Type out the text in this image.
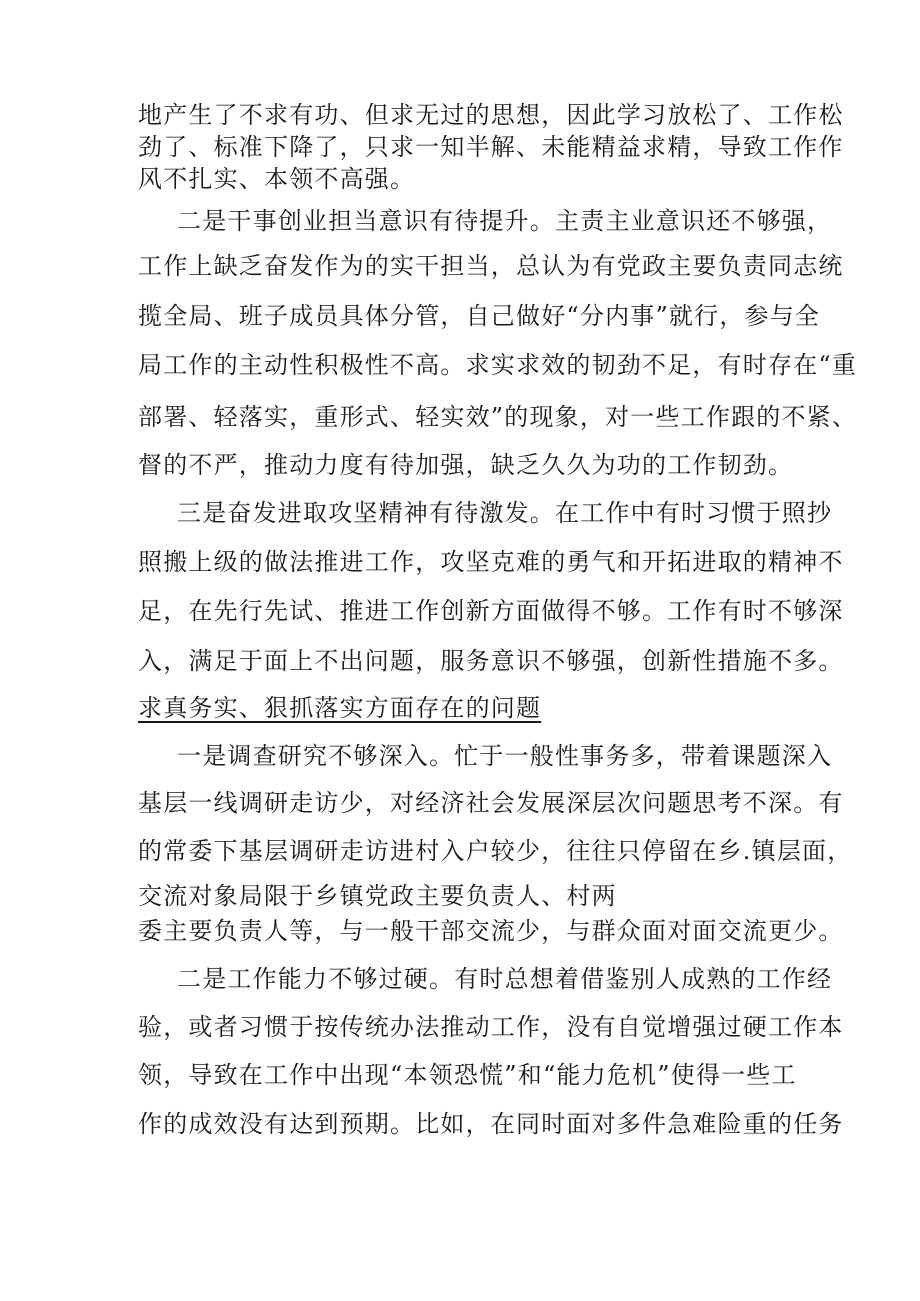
地产生了不求有功、但求无过的思想，因此学习放松了、工作松
劲了、标准下降了，只求一知半解、未能精益求精，导致工作作
风不扎实、本领不高强。
二是干事创业担当意识有待提升。主责主业意识还不够强，
工作上缺乏奋发作为的实干担当，总认为有党政主要负责同志统
揽全局、班子成员具体分管，自己做好“分内事”就行，参与全
局工作的主动性积极性不高。求实求效的韧劲不足，有时存在“重
部署、轻落实，重形式、轻实效”的现象，对一些工作跟的不紧、
督的不严，推动力度有待加强，缺乏久久为功的工作韧劲。
三是奋发进取攻坚精神有待激发。在工作中有时习惯于照抄
照搬上级的做法推进工作，攻坚克难的勇气和开拓进取的精神不
足，在先行先试、推进工作创新方面做得不够。工作有时不够深
入，满足于面上不出问题，服务意识不够强，创新性措施不多。
求真务实、狠抓落实方面存在的问题
一是调查研究不够深入。忙于一般性事务多，带着课题深入
基层一线调研走访少，对经济社会发展深层次问题思考不深。有
的常委下基层调研走访进村入户较少，往往只停留在乡.镇层面，
交流对象局限于乡镇党政主要负责人、村两
委主要负责人等，与一般干部交流少，与群众面对面交流更少。
二是工作能力不够过硬。有时总想着借鉴别人成熟的工作经
验，或者习惯于按传统办法推动工作，没有自觉增强过硬工作本
领，导致在工作中出现“本领恐慌”和“能力危机”使得一些工
作的成效没有达到预期。比如，在同时面对多件急难险重的任务
